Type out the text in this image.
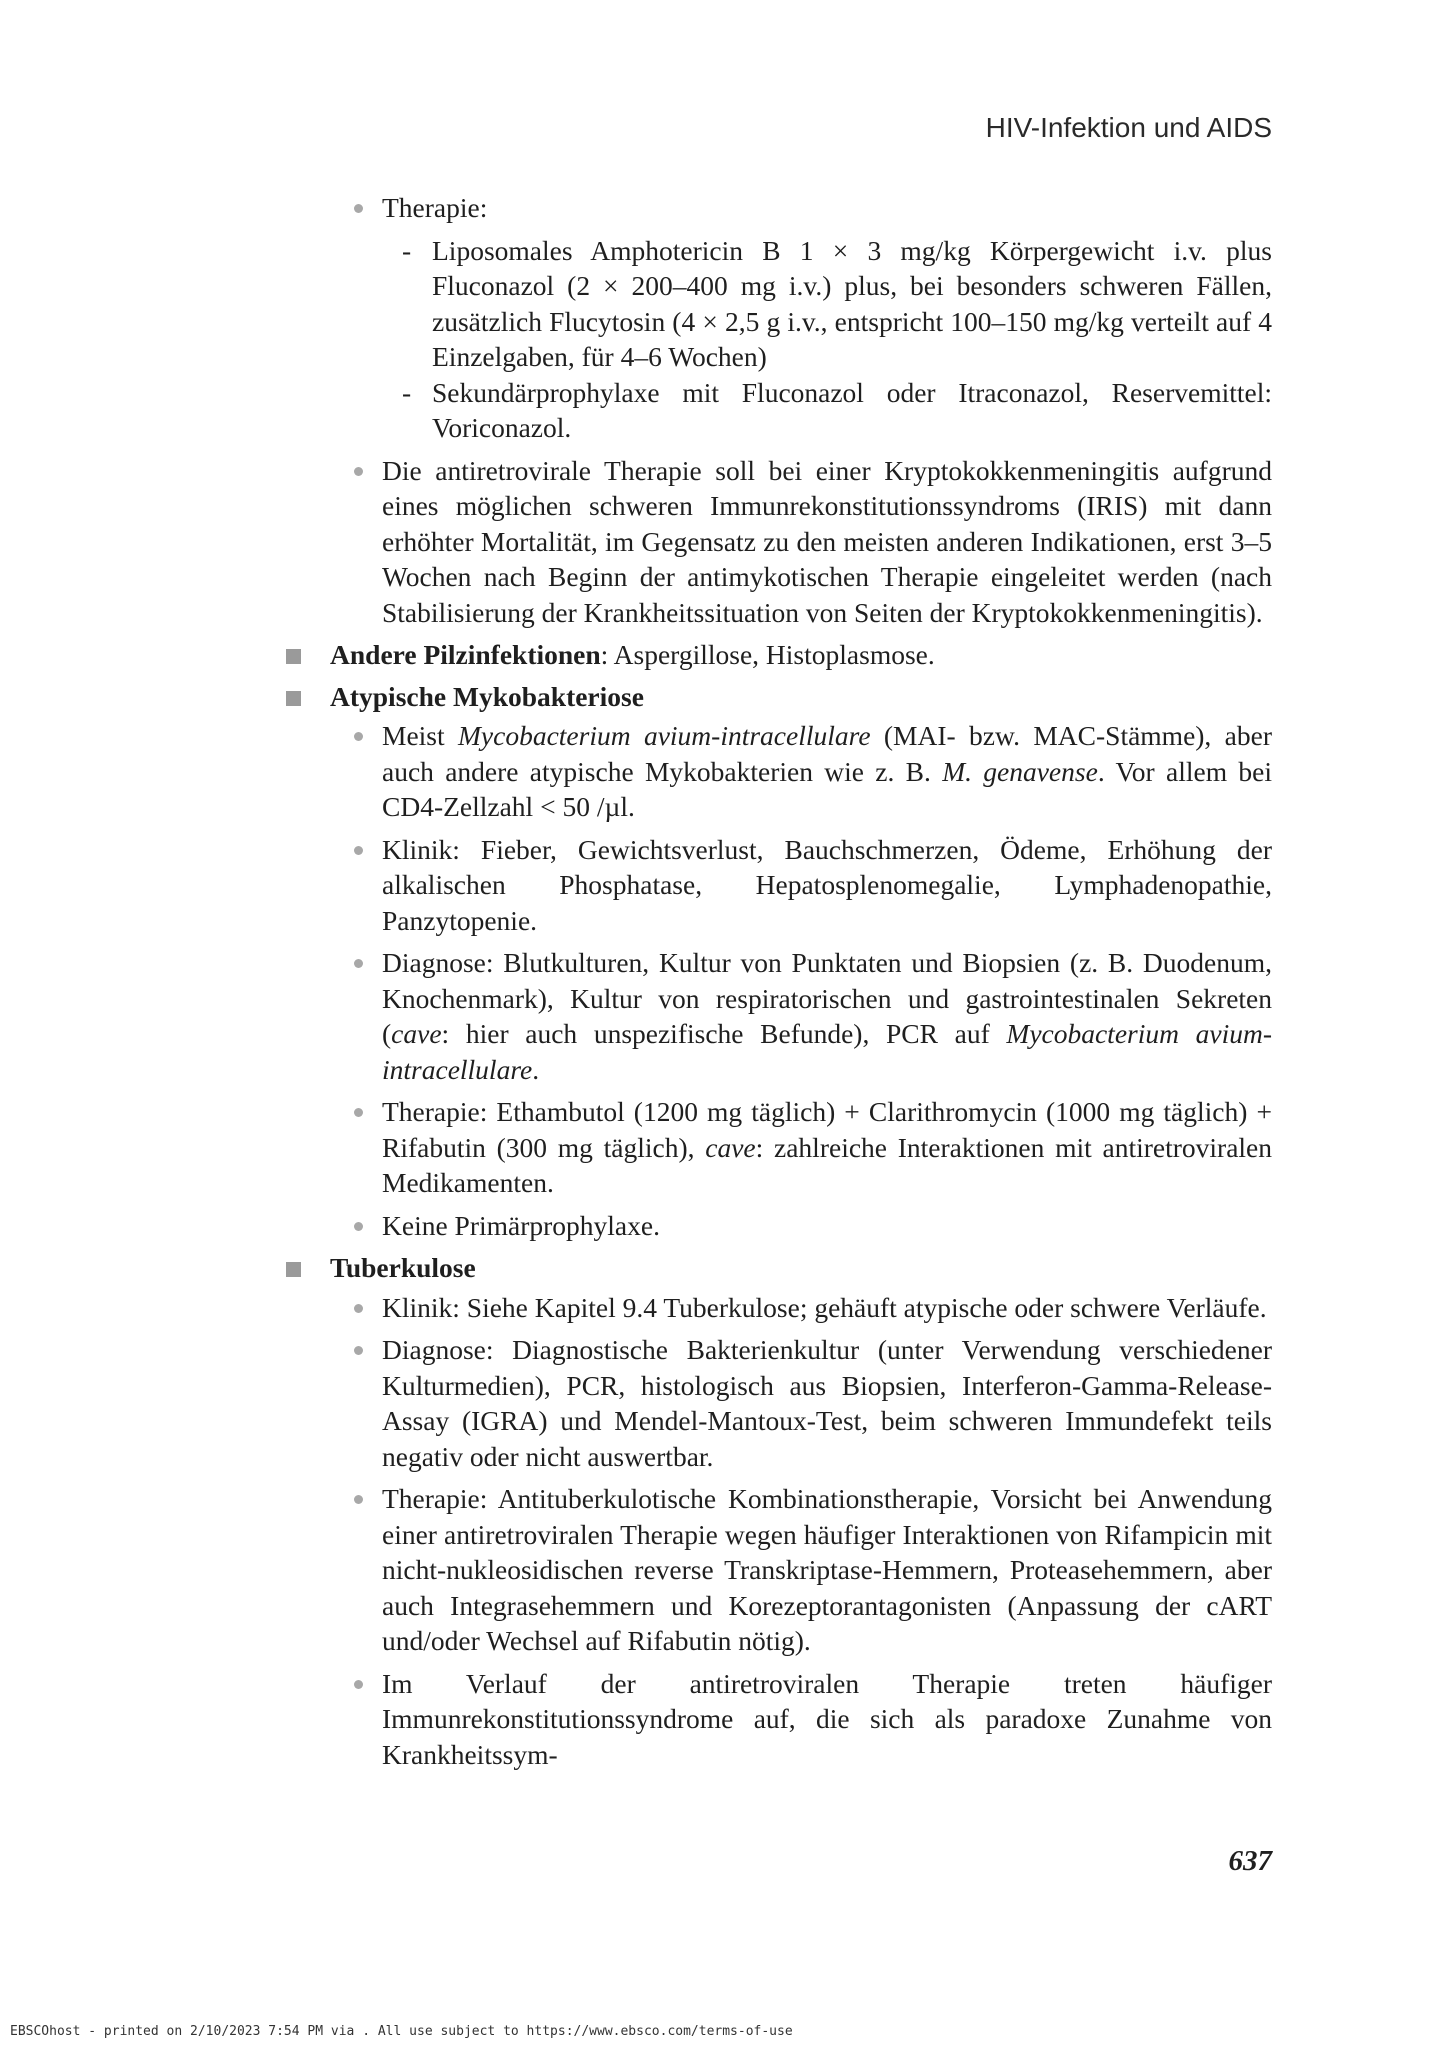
HIV-Infektion und AIDS
Therapie:
- Liposomales Amphotericin B 1 × 3 mg/kg Körpergewicht i.v. plus Fluconazol (2 × 200–400 mg i.v.) plus, bei besonders schweren Fällen, zusätzlich Flucytosin (4 × 2,5 g i.v., entspricht 100–150 mg/kg verteilt auf 4 Einzelgaben, für 4–6 Wochen)
- Sekundärprophylaxe mit Fluconazol oder Itraconazol, Reservemittel: Voriconazol.
Die antiretrovirale Therapie soll bei einer Kryptokokkenmeningitis aufgrund eines möglichen schweren Immunrekonstitutionssyndroms (IRIS) mit dann erhöhter Mortalität, im Gegensatz zu den meisten anderen Indikationen, erst 3–5 Wochen nach Beginn der antimykotischen Therapie eingeleitet werden (nach Stabilisierung der Krankheitssituation von Seiten der Kryptokokkenmeningitis).
Andere Pilzinfektionen: Aspergillose, Histoplasmose.
Atypische Mykobakteriose
Meist Mycobacterium avium-intracellulare (MAI- bzw. MAC-Stämme), aber auch andere atypische Mykobakterien wie z. B. M. genavense. Vor allem bei CD4-Zellzahl < 50 /µl.
Klinik: Fieber, Gewichtsverlust, Bauchschmerzen, Ödeme, Erhöhung der alkalischen Phosphatase, Hepatosplenomegalie, Lymphadenopathie, Panzytopenie.
Diagnose: Blutkulturen, Kultur von Punktaten und Biopsien (z. B. Duodenum, Knochenmark), Kultur von respiratorischen und gastrointestinalen Sekreten (cave: hier auch unspezifische Befunde), PCR auf Mycobacterium avium-intracellulare.
Therapie: Ethambutol (1200 mg täglich) + Clarithromycin (1000 mg täglich) + Rifabutin (300 mg täglich), cave: zahlreiche Interaktionen mit antiretroviralen Medikamenten.
Keine Primärprophylaxe.
Tuberkulose
Klinik: Siehe Kapitel 9.4 Tuberkulose; gehäuft atypische oder schwere Verläufe.
Diagnose: Diagnostische Bakterienkultur (unter Verwendung verschiedener Kulturmedien), PCR, histologisch aus Biopsien, Interferon-Gamma-Release-Assay (IGRA) und Mendel-Mantoux-Test, beim schweren Immundefekt teils negativ oder nicht auswertbar.
Therapie: Antituberkulotische Kombinationstherapie, Vorsicht bei Anwendung einer antiretroviralen Therapie wegen häufiger Interaktionen von Rifampicin mit nicht-nukleosidischen reverse Transkriptase-Hemmern, Proteasehemmern, aber auch Integrasehemmern und Korezeptorantagonisten (Anpassung der cART und/oder Wechsel auf Rifabutin nötig).
Im Verlauf der antiretroviralen Therapie treten häufiger Immunrekonstitutionssyndrome auf, die sich als paradoxe Zunahme von Krankheitssym-
637
EBSCOhost - printed on 2/10/2023 7:54 PM via . All use subject to https://www.ebsco.com/terms-of-use
